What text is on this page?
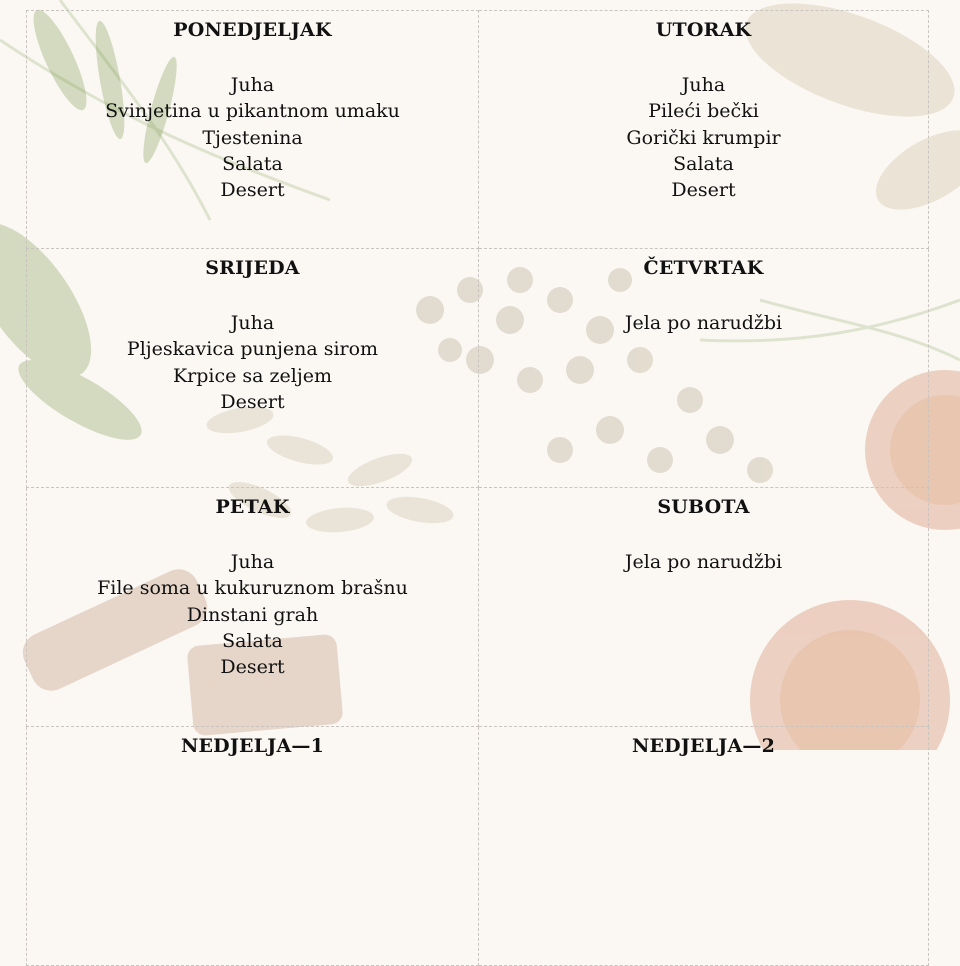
PONEDJELJAK
Juha
Svinjetina u pikantnom umaku
Tjestenina
Salata
Desert
UTORAK
Juha
Pileći bečki
Gorički krumpir
Salata
Desert
SRIJEDA
Juha
Pljeskavica punjena sirom
Krpice sa zeljem
Desert
ČETVRTAK
Jela po narudžbi
PETAK
Juha
File soma u kukuruznom brašnu
Dinstani grah
Salata
Desert
SUBOTA
Jela po narudžbi
NEDJELJA—1	NEDJELJA—2
